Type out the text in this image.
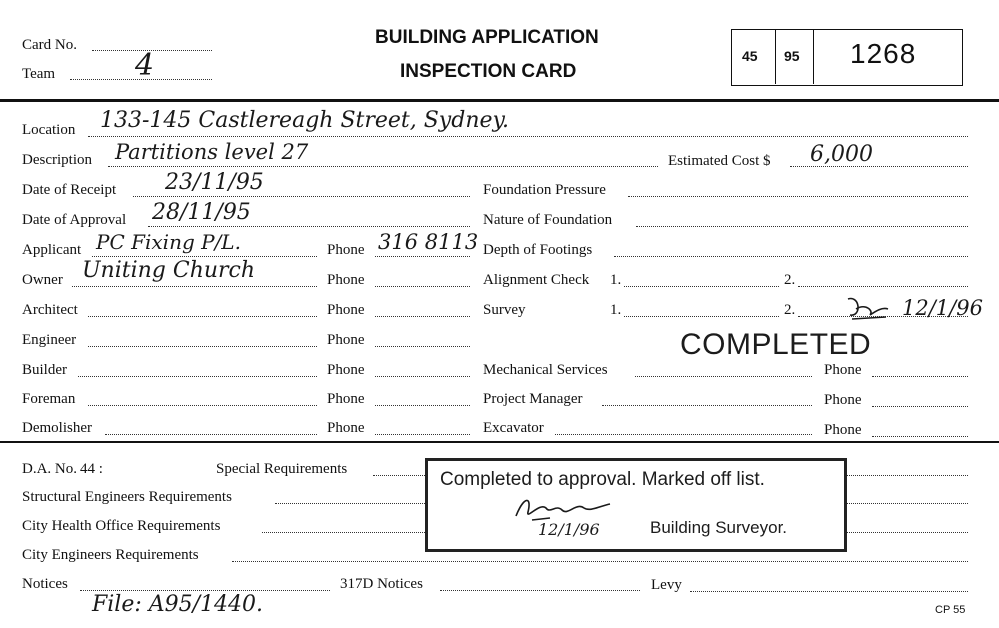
Card No.
Team	4
BUILDING APPLICATION
INSPECTION CARD
45 95 1268
Location 133-145 Castlereagh Street, Sydney.
Description Partitions level 27	Estimated Cost $ 6,000
Date of Receipt 23/11/95
Date of Approval 28/11/95
Applicant PC Fixing P/L.	Phone 316 8113
Owner Uniting Church	Phone
Architect	Phone
Engineer	Phone
Builder	Phone
Foreman	Phone
Demolisher	Phone
Foundation Pressure
Nature of Foundation
Depth of Footings
Alignment Check 1.	2.
Survey	1.	2.	12/1/96
COMPLETED
Mechanical Services	Phone
Project Manager	Phone
Excavator	Phone
D.A. No. 44 :	Special Requirements
Structural Engineers Requirements
City Health Office Requirements
City Engineers Requirements
Notices	317D Notices	Levy
File: A95/1440.	CP 55
Completed to approval. Marked off list.
12/1/96	Building Surveyor.
